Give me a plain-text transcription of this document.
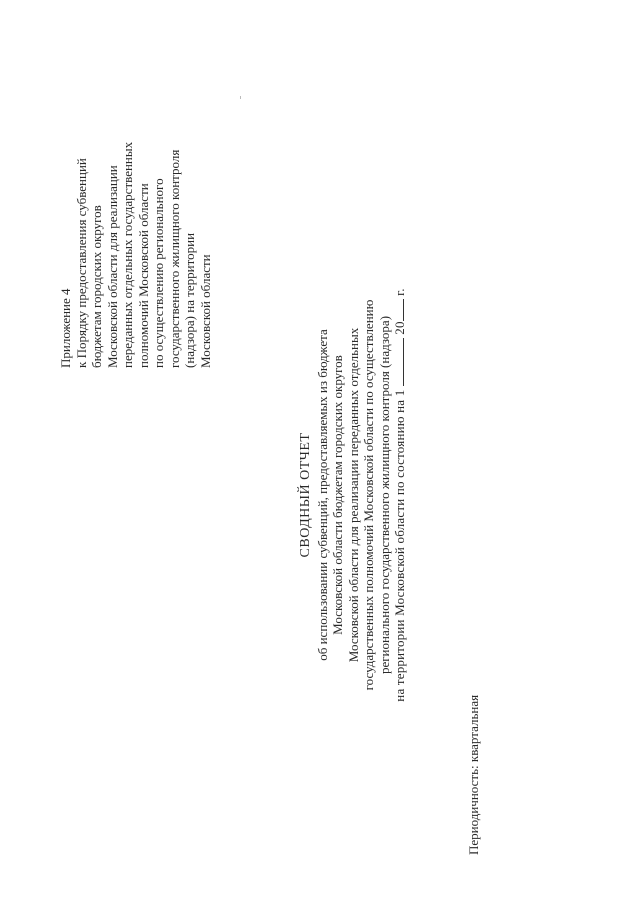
Приложение 4 к Порядку предоставления субвенций бюджетам городских округов Московской области для реализации переданных отдельных государственных полномочий Московской области по осуществлению регионального государственного жилищного контроля (надзора) на территории Московской области
СВОДНЫЙ ОТЧЕТ об использовании субвенций, предоставляемых из бюджета Московской области бюджетам городских округов Московской области для реализации переданных отдельных государственных полномочий Московской области по осуществлению регионального государственного жилищного контроля (надзора) на территории Московской области по состоянию на 1  20 г.
Периодичность: квартальная
